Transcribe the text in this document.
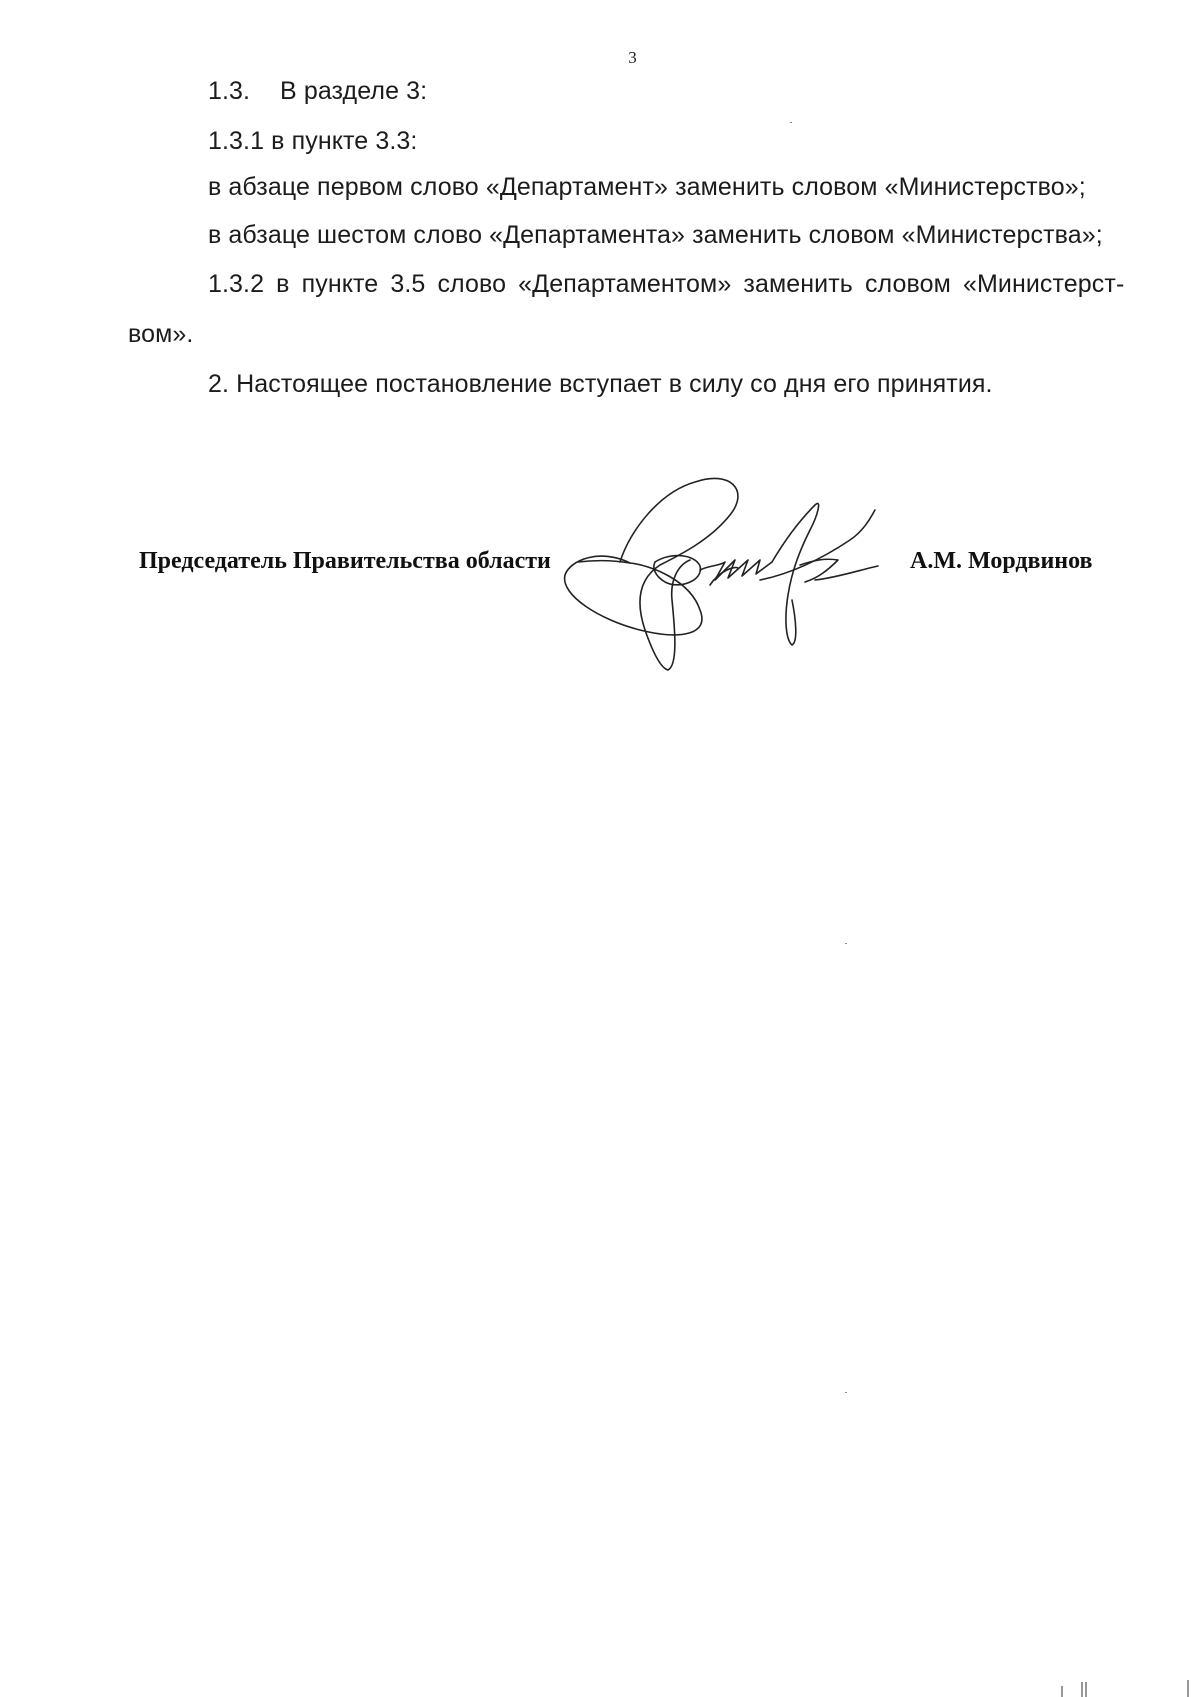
3
1.3. В разделе 3:
1.3.1 в пункте 3.3:
в абзаце первом слово «Департамент» заменить словом «Министерство»;
в абзаце шестом слово «Департамента» заменить словом «Министерства»;
1.3.2 в пункте 3.5 слово «Департаментом» заменить словом «Министерст-
вом».
2. Настоящее постановление вступает в силу со дня его принятия.
Председатель Правительства области	А.М. Мордвинов
